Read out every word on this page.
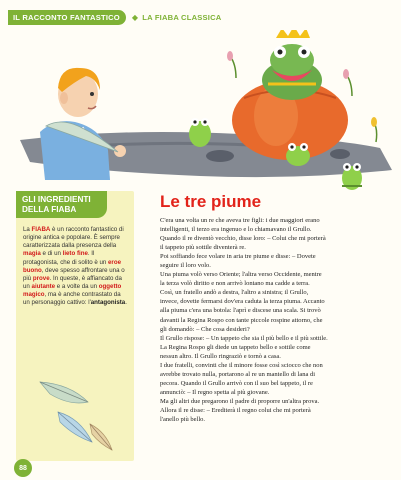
IL RACCONTO FANTASTICO	◆ LA FIABA CLASSICA
GLI INGREDIENTI DELLA FIABA
La FIABA è un racconto fantastico di origine antica e popolare. È sempre caratterizzata dalla presenza della magia e di un lieto fine. Il protagonista, che di solito è un eroe buono, deve spesso affrontare una o più prove. In queste, è affiancato da un aiutante e a volte da un oggetto magico, ma è anche contrastato da un personaggio cattivo: l'antagonista.
88
Le tre piume

C'era una volta un re che aveva tre figli: i due maggiori erano

intelligenti, il terzo era ingenuo e lo chiamavano il Grullo.

Quando il re diventò vecchio, disse loro: – Colui che mi porterà

il tappeto più sottile diventerà re.

Poi soffiando fece volare in aria tre piume e disse: – Dovete

seguire il loro volo.

Una piuma volò verso Oriente; l'altra verso Occidente, mentre

la terza volò diritto e non arrivò lontano ma cadde a terra.

Così, un fratello andò a destra, l'altro a sinistra; il Grullo,

invece, dovette fermarsi dov'era caduta la terza piuma. Accanto

alla piuma c'era una botola: l'aprì e discese una scala. Si trovò

davanti la Regina Rospo con tante piccole rospine attorno, che

gli domandò: – Che cosa desideri?

Il Grullo rispose: – Un tappeto che sia il più bello e il più sottile.

La Regina Rospo gli diede un tappeto bello e sottile come

nessun altro. Il Grullo ringraziò e tornò a casa.

I due fratelli, convinti che il minore fosse così sciocco che non

avrebbe trovato nulla, portarono al re un mantello di lana di

pecora. Quando il Grullo arrivò con il suo bel tappeto, il re

annunciò: – Il regno spetta al più giovane.

Ma gli altri due pregarono il padre di proporre un'altra prova.

Allora il re disse: – Erediterà il regno colui che mi porterà

l'anello più bello.
